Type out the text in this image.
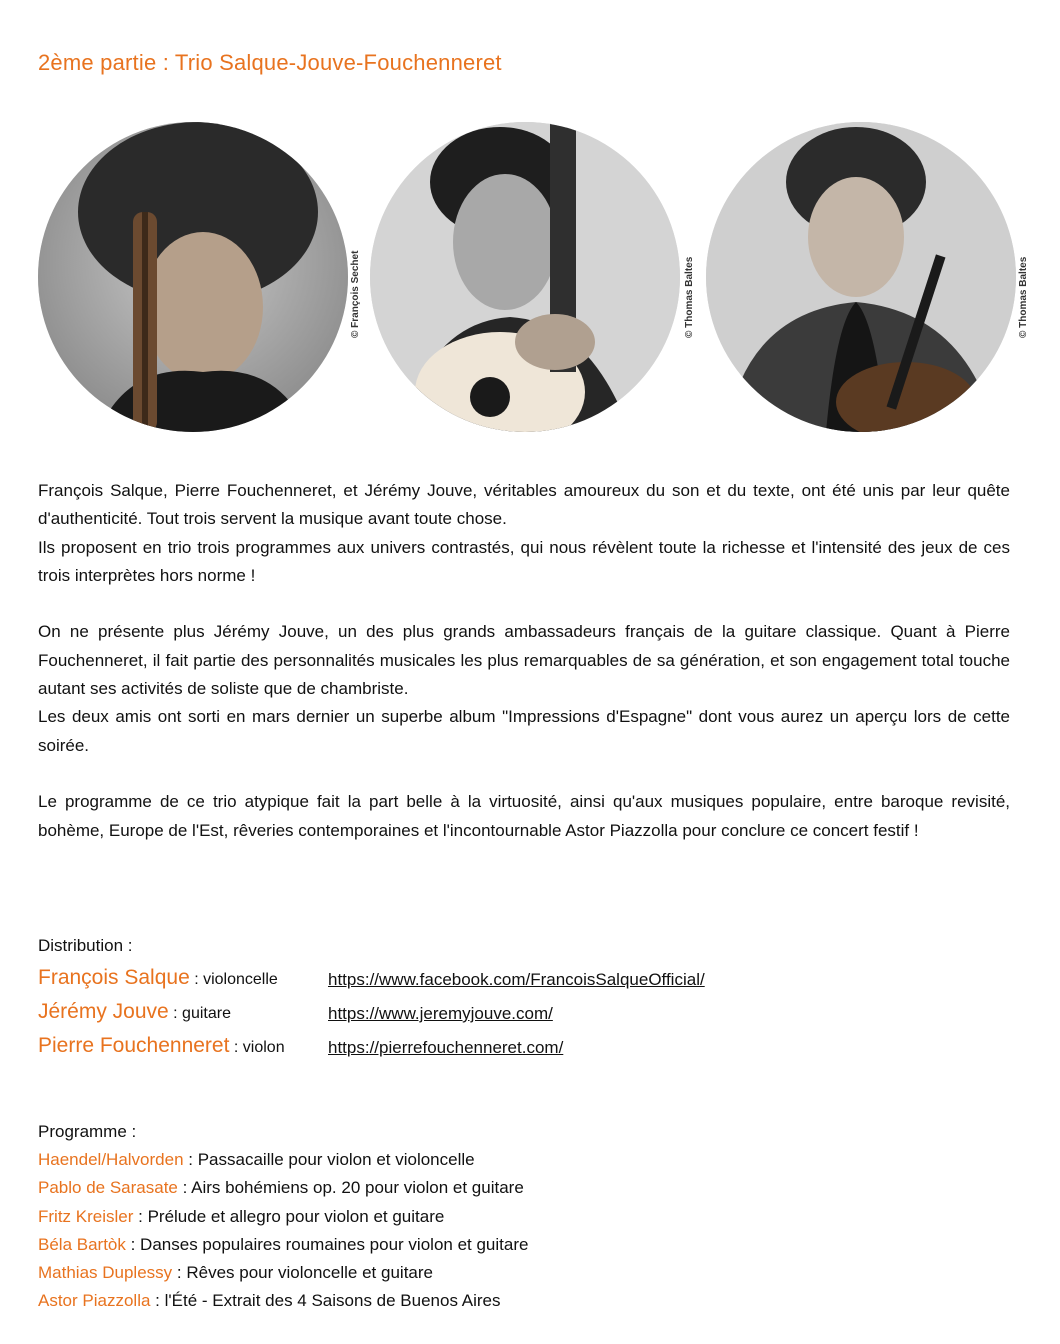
2ème partie : Trio Salque-Jouve-Fouchenneret
© François Sechet	© Thomas Baltes	© Thomas Baltes

François Salque, Pierre Fouchenneret, et Jérémy Jouve, véritables amoureux du son et du texte, ont été unis par leur quête d'authenticité. Tout trois servent la musique avant toute chose.
Ils proposent en trio trois programmes aux univers contrastés, qui nous révèlent toute la richesse et l'intensité des jeux de ces trois interprètes hors norme !

On ne présente plus Jérémy Jouve, un des plus grands ambassadeurs français de la guitare classique. Quant à Pierre Fouchenneret, il fait partie des personnalités musicales les plus remarquables de sa génération, et son engagement total touche autant ses activités de soliste que de chambriste.
Les deux amis ont sorti en mars dernier un superbe album "Impressions d'Espagne" dont vous aurez un aperçu lors de cette soirée.

Le programme de ce trio atypique fait la part belle à la virtuosité, ainsi qu'aux musiques populaire, entre baroque revisité, bohème, Europe de l'Est, rêveries contemporaines et l'incontournable Astor Piazzolla pour conclure ce concert festif !

Distribution :
François Salque : violoncelle	https://www.facebook.com/FrancoisSalqueOfficial/
Jérémy Jouve : guitare	https://www.jeremyjouve.com/
Pierre Fouchenneret : violon	https://pierrefouchenneret.com/
Programme :
Haendel/Halvorden : Passacaille pour violon et violoncelle
Pablo de Sarasate : Airs bohémiens op. 20 pour violon et guitare
Fritz Kreisler : Prélude et allegro pour violon et guitare
Béla Bartòk : Danses populaires roumaines pour violon et guitare
Mathias Duplessy : Rêves pour violoncelle et guitare
Astor Piazzolla : l'Été - Extrait des 4 Saisons de Buenos Aires
